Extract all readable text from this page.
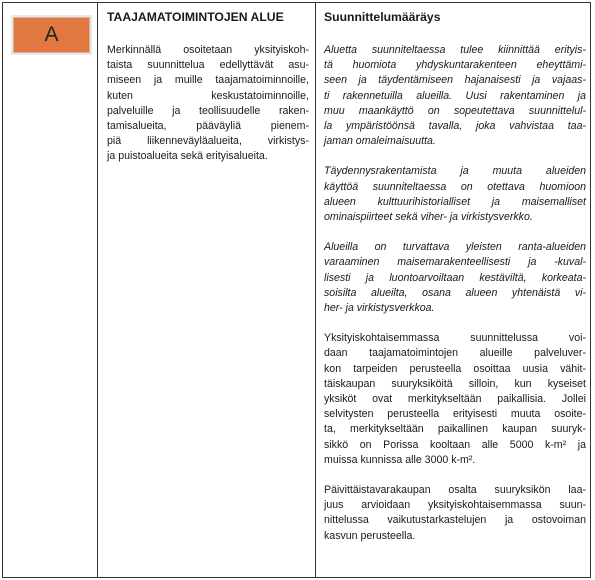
A

TAAJAMATOIMINTOJEN ALUE

Merkinnällä osoitetaan yksityiskoh-
taista suunnittelua edellyttävät asu-
miseen ja muille taajamatoiminnoille,
kuten keskustatoiminnoille,
palveluille ja teollisuudelle raken-
tamisalueita, pääväyliä pienem-
piä liikenneväyläalueita, virkistys-
ja puistoalueita sekä erityisalueita.

Suunnittelumääräys

Aluetta suunniteltaessa tulee kiinnittää erityis-
tä huomiota yhdyskuntarakenteen eheyttämi-
seen ja täydentämiseen hajanaisesti ja vajaas-
ti rakennetuilla alueilla. Uusi rakentaminen ja
muu maankäyttö on sopeutettava suunnittelul-
la ympäristöönsä tavalla, joka vahvistaa taa-
jaman omaleimaisuutta.

Täydennysrakentamista ja muuta alueiden
käyttöä suunniteltaessa on otettava huomioon
alueen kulttuurihistorialliset ja maisemalliset
ominaispiirteet sekä viher- ja virkistysverkko.

Alueilla on turvattava yleisten ranta-alueiden
varaaminen maisemarakenteellisesti ja -kuval-
lisesti ja luontoarvoiltaan kestäviltä, korkeata-
soisilta alueilta, osana alueen yhtenäistä vi-
her- ja virkistysverkkoa.

Yksityiskohtaisemmassa suunnittelussa voi-
daan taajamatoimintojen alueille palveluver-
kon tarpeiden perusteella osoittaa uusia vähit-
täiskaupan suuryksiköitä silloin, kun kyseiset
yksiköt ovat merkitykseltään paikallisia. Jollei
selvitysten perusteella erityisesti muuta osoite-
ta, merkitykseltään paikallinen kaupan suuryk-
sikkö on Porissa kooltaan alle 5000 k-m² ja
muissa kunnissa alle 3000 k-m².

Päivittäistavarakaupan osalta suuryksikön laa-
juus arvioidaan yksityiskohtaisemmassa suun-
nittelussa vaikutustarkastelujen ja ostovoiman
kasvun perusteella.
